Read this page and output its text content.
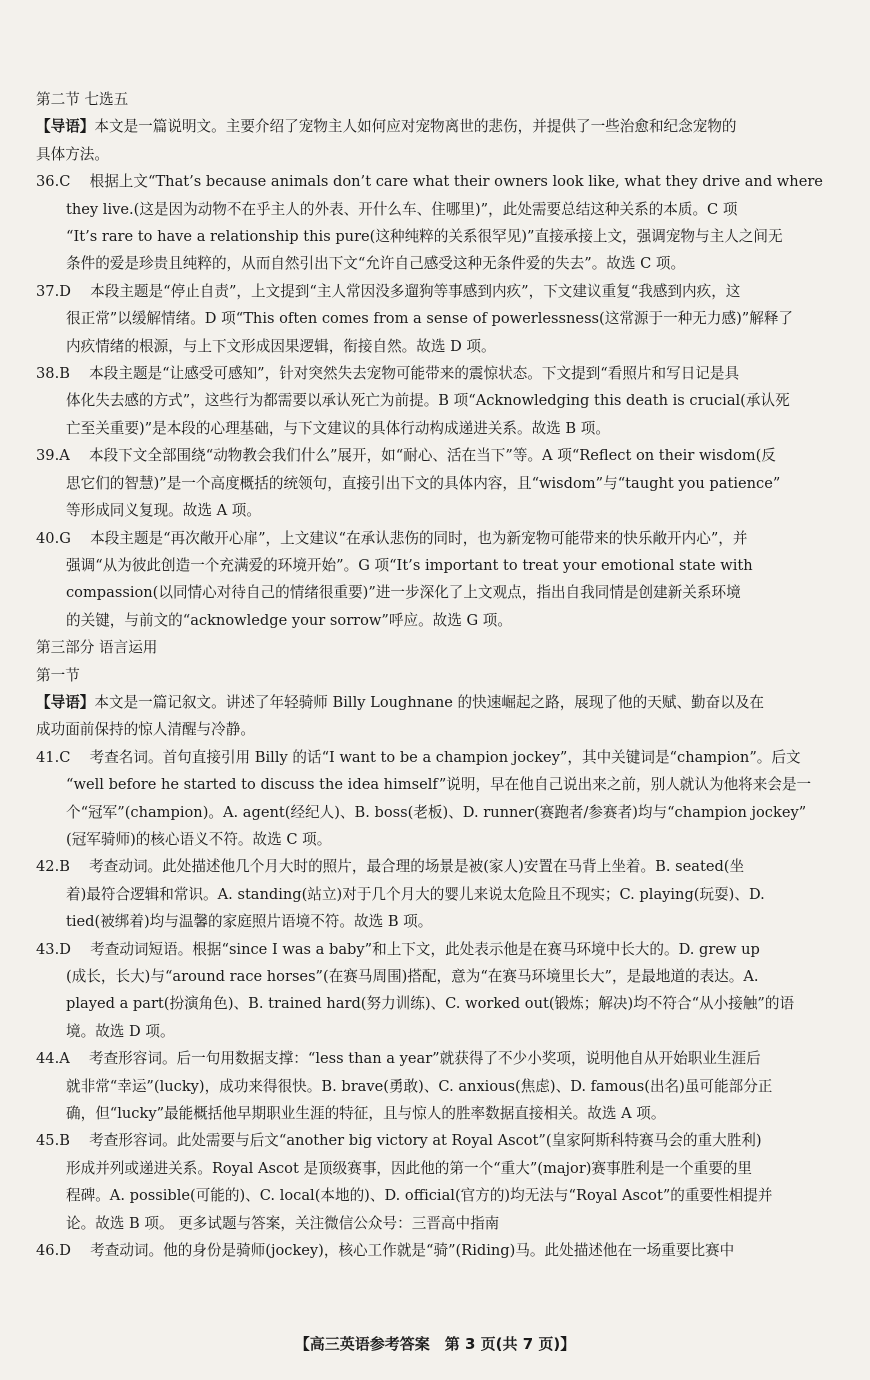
第二节 七选五
【导语】本文是一篇说明文。主要介绍了宠物主人如何应对宠物离世的悲伤，并提供了一些治愈和纪念宠物的
具体方法。
36.C　 根据上文“That’s because animals don’t care what their owners look like, what they drive and where
they live.(这是因为动物不在乎主人的外表、开什么车、住哪里)”，此处需要总结这种关系的本质。C 项
“It’s rare to have a relationship this pure(这种纯粹的关系很罕见)”直接承接上文，强调宠物与主人之间无
条件的爱是珍贵且纯粹的，从而自然引出下文“允许自己感受这种无条件爱的失去”。故选 C 项。
37.D　 本段主题是“停止自责”，上文提到“主人常因没多遛狗等事感到内疚”，下文建议重复“我感到内疚，这
很正常”以缓解情绪。D 项“This often comes from a sense of powerlessness(这常源于一种无力感)”解释了
内疚情绪的根源，与上下文形成因果逻辑，衔接自然。故选 D 项。
38.B　 本段主题是“让感受可感知”，针对突然失去宠物可能带来的震惊状态。下文提到“看照片和写日记是具
体化失去感的方式”，这些行为都需要以承认死亡为前提。B 项“Acknowledging this death is crucial(承认死
亡至关重要)”是本段的心理基础，与下文建议的具体行动构成递进关系。故选 B 项。
39.A　 本段下文全部围绕“动物教会我们什么”展开，如“耐心、活在当下”等。A 项“Reflect on their wisdom(反
思它们的智慧)”是一个高度概括的统领句，直接引出下文的具体内容，且“wisdom”与“taught you patience”
等形成同义复现。故选 A 项。
40.G　 本段主题是“再次敞开心扉”，上文建议“在承认悲伤的同时，也为新宠物可能带来的快乐敞开内心”，并
强调“从为彼此创造一个充满爱的环境开始”。G 项“It’s important to treat your emotional state with
compassion(以同情心对待自己的情绪很重要)”进一步深化了上文观点，指出自我同情是创建新关系环境
的关键，与前文的“acknowledge your sorrow”呼应。故选 G 项。
第三部分 语言运用
第一节
【导语】本文是一篇记叙文。讲述了年轻骑师 Billy Loughnane 的快速崛起之路，展现了他的天赋、勤奋以及在
成功面前保持的惊人清醒与冷静。
41.C　 考查名词。首句直接引用 Billy 的话“I want to be a champion jockey”，其中关键词是“champion”。后文
“well before he started to discuss the idea himself”说明，早在他自己说出来之前，别人就认为他将来会是一
个“冠军”(champion)。A. agent(经纪人)、B. boss(老板)、D. runner(赛跑者/参赛者)均与“champion jockey”
(冠军骑师)的核心语义不符。故选 C 项。
42.B　 考查动词。此处描述他几个月大时的照片，最合理的场景是被(家人)安置在马背上坐着。B. seated(坐
着)最符合逻辑和常识。A. standing(站立)对于几个月大的婴儿来说太危险且不现实；C. playing(玩耍)、D.
tied(被绑着)均与温馨的家庭照片语境不符。故选 B 项。
43.D　 考查动词短语。根据“since I was a baby”和上下文，此处表示他是在赛马环境中长大的。D. grew up
(成长，长大)与“around race horses”(在赛马周围)搭配，意为“在赛马环境里长大”，是最地道的表达。A.
played a part(扮演角色)、B. trained hard(努力训练)、C. worked out(锻炼；解决)均不符合“从小接触”的语
境。故选 D 项。
44.A　 考查形容词。后一句用数据支撑：“less than a year”就获得了不少小奖项，说明他自从开始职业生涯后
就非常“幸运”(lucky)，成功来得很快。B. brave(勇敢)、C. anxious(焦虑)、D. famous(出名)虽可能部分正
确，但“lucky”最能概括他早期职业生涯的特征，且与惊人的胜率数据直接相关。故选 A 项。
45.B　 考查形容词。此处需要与后文“another big victory at Royal Ascot”(皇家阿斯科特赛马会的重大胜利)
形成并列或递进关系。Royal Ascot 是顶级赛事，因此他的第一个“重大”(major)赛事胜利是一个重要的里
程碑。A. possible(可能的)、C. local(本地的)、D. official(官方的)均无法与“Royal Ascot”的重要性相提并
论。故选 B 项。 更多试题与答案，关注微信公众号：三晋高中指南
46.D　 考查动词。他的身份是骑师(jockey)，核心工作就是“骑”(Riding)马。此处描述他在一场重要比赛中
【高三英语参考答案　第 3 页(共 7 页)】
